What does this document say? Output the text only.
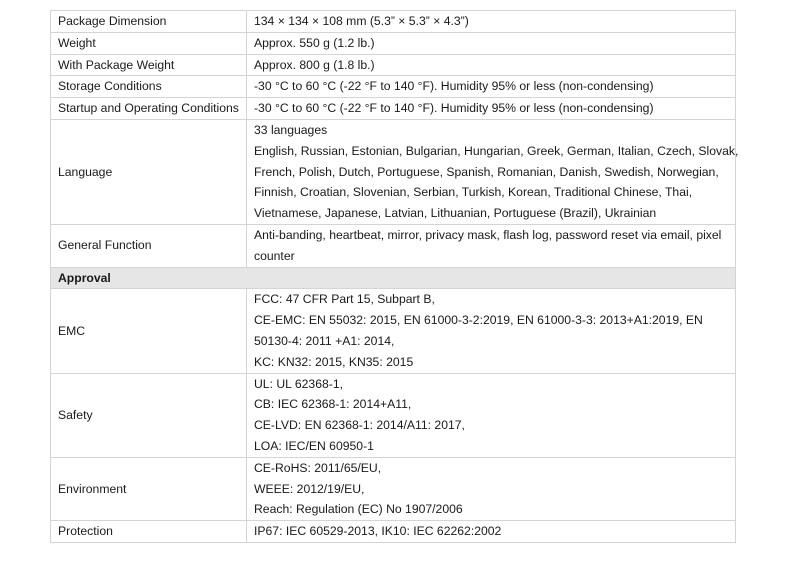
Package Dimension	134 × 134 × 108 mm (5.3” × 5.3” × 4.3”)

Weight	Approx. 550 g (1.2 lb.)

With Package Weight	Approx. 800 g (1.8 lb.)

Storage Conditions	-30 °C to 60 °C (-22 °F to 140 °F). Humidity 95% or less (non-condensing)

Startup and Operating Conditions	-30 °C to 60 °C (-22 °F to 140 °F). Humidity 95% or less (non-condensing)

Language	33 languages
English, Russian, Estonian, Bulgarian, Hungarian, Greek, German, Italian, Czech, Slovak,
French, Polish, Dutch, Portuguese, Spanish, Romanian, Danish, Swedish, Norwegian,
Finnish, Croatian, Slovenian, Serbian, Turkish, Korean, Traditional Chinese, Thai,
Vietnamese, Japanese, Latvian, Lithuanian, Portuguese (Brazil), Ukrainian

General Function	Anti-banding, heartbeat, mirror, privacy mask, flash log, password reset via email, pixel counter

Approval	
EMC	FCC: 47 CFR Part 15, Subpart B,
CE-EMC: EN 55032: 2015, EN 61000-3-2:2019, EN 61000-3-3: 2013+A1:2019, EN
50130-4: 2011 +A1: 2014,
KC: KN32: 2015, KN35: 2015

Safety	UL: UL 62368-1,
CB: IEC 62368-1: 2014+A11,
CE-LVD: EN 62368-1: 2014/A11: 2017,
LOA: IEC/EN 60950-1

Environment	CE-RoHS: 2011/65/EU,
WEEE: 2012/19/EU,
Reach: Regulation (EC) No 1907/2006

Protection	IP67: IEC 60529-2013, IK10: IEC 62262:2002
